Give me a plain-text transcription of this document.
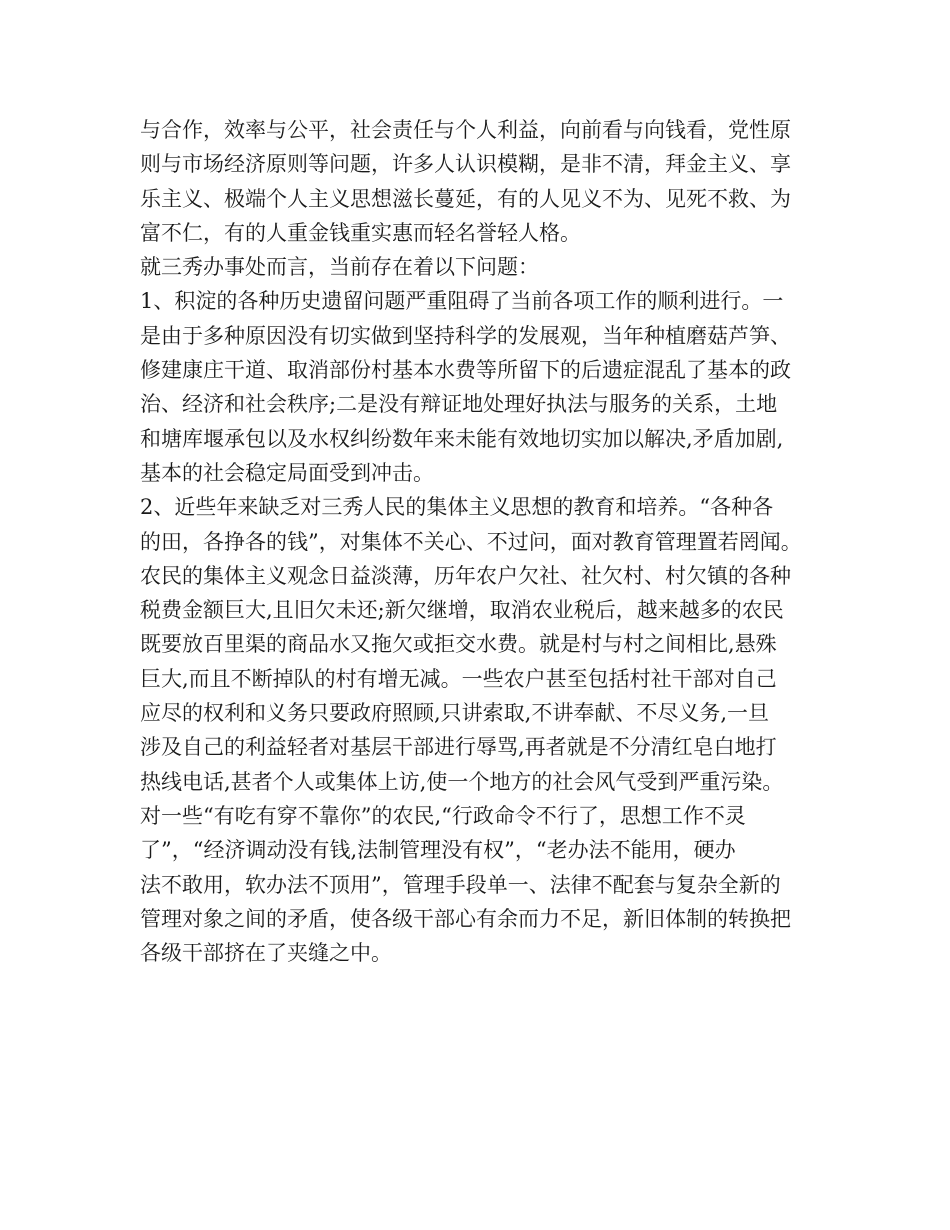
与合作，效率与公平，社会责任与个人利益，向前看与向钱看，党性原
则与市场经济原则等问题，许多人认识模糊，是非不清，拜金主义、享
乐主义、极端个人主义思想滋长蔓延，有的人见义不为、见死不救、为
富不仁，有的人重金钱重实惠而轻名誉轻人格。
就三秀办事处而言，当前存在着以下问题：
1、积淀的各种历史遗留问题严重阻碍了当前各项工作的顺利进行。一
是由于多种原因没有切实做到坚持科学的发展观，当年种植磨菇芦笋、
修建康庄干道、取消部份村基本水费等所留下的后遗症混乱了基本的政
治、经济和社会秩序;二是没有辩证地处理好执法与服务的关系，土地
和塘库堰承包以及水权纠纷数年来未能有效地切实加以解决,矛盾加剧,
基本的社会稳定局面受到冲击。
2、近些年来缺乏对三秀人民的集体主义思想的教育和培养。“各种各
的田，各挣各的钱”，对集体不关心、不过问，面对教育管理置若罔闻。
农民的集体主义观念日益淡薄，历年农户欠社、社欠村、村欠镇的各种
税费金额巨大,且旧欠未还;新欠继增，取消农业税后，越来越多的农民
既要放百里渠的商品水又拖欠或拒交水费。就是村与村之间相比,悬殊
巨大,而且不断掉队的村有增无减。一些农户甚至包括村社干部对自己
应尽的权利和义务只要政府照顾,只讲索取,不讲奉献、不尽义务,一旦
涉及自己的利益轻者对基层干部进行辱骂,再者就是不分清红皂白地打
热线电话,甚者个人或集体上访,使一个地方的社会风气受到严重污染。
对一些“有吃有穿不靠你”的农民,“行政命令不行了，思想工作不灵
了”，“经济调动没有钱,法制管理没有权”，“老办法不能用，硬办
法不敢用，软办法不顶用”，管理手段单一、法律不配套与复杂全新的
管理对象之间的矛盾，使各级干部心有余而力不足，新旧体制的转换把
各级干部挤在了夹缝之中。
